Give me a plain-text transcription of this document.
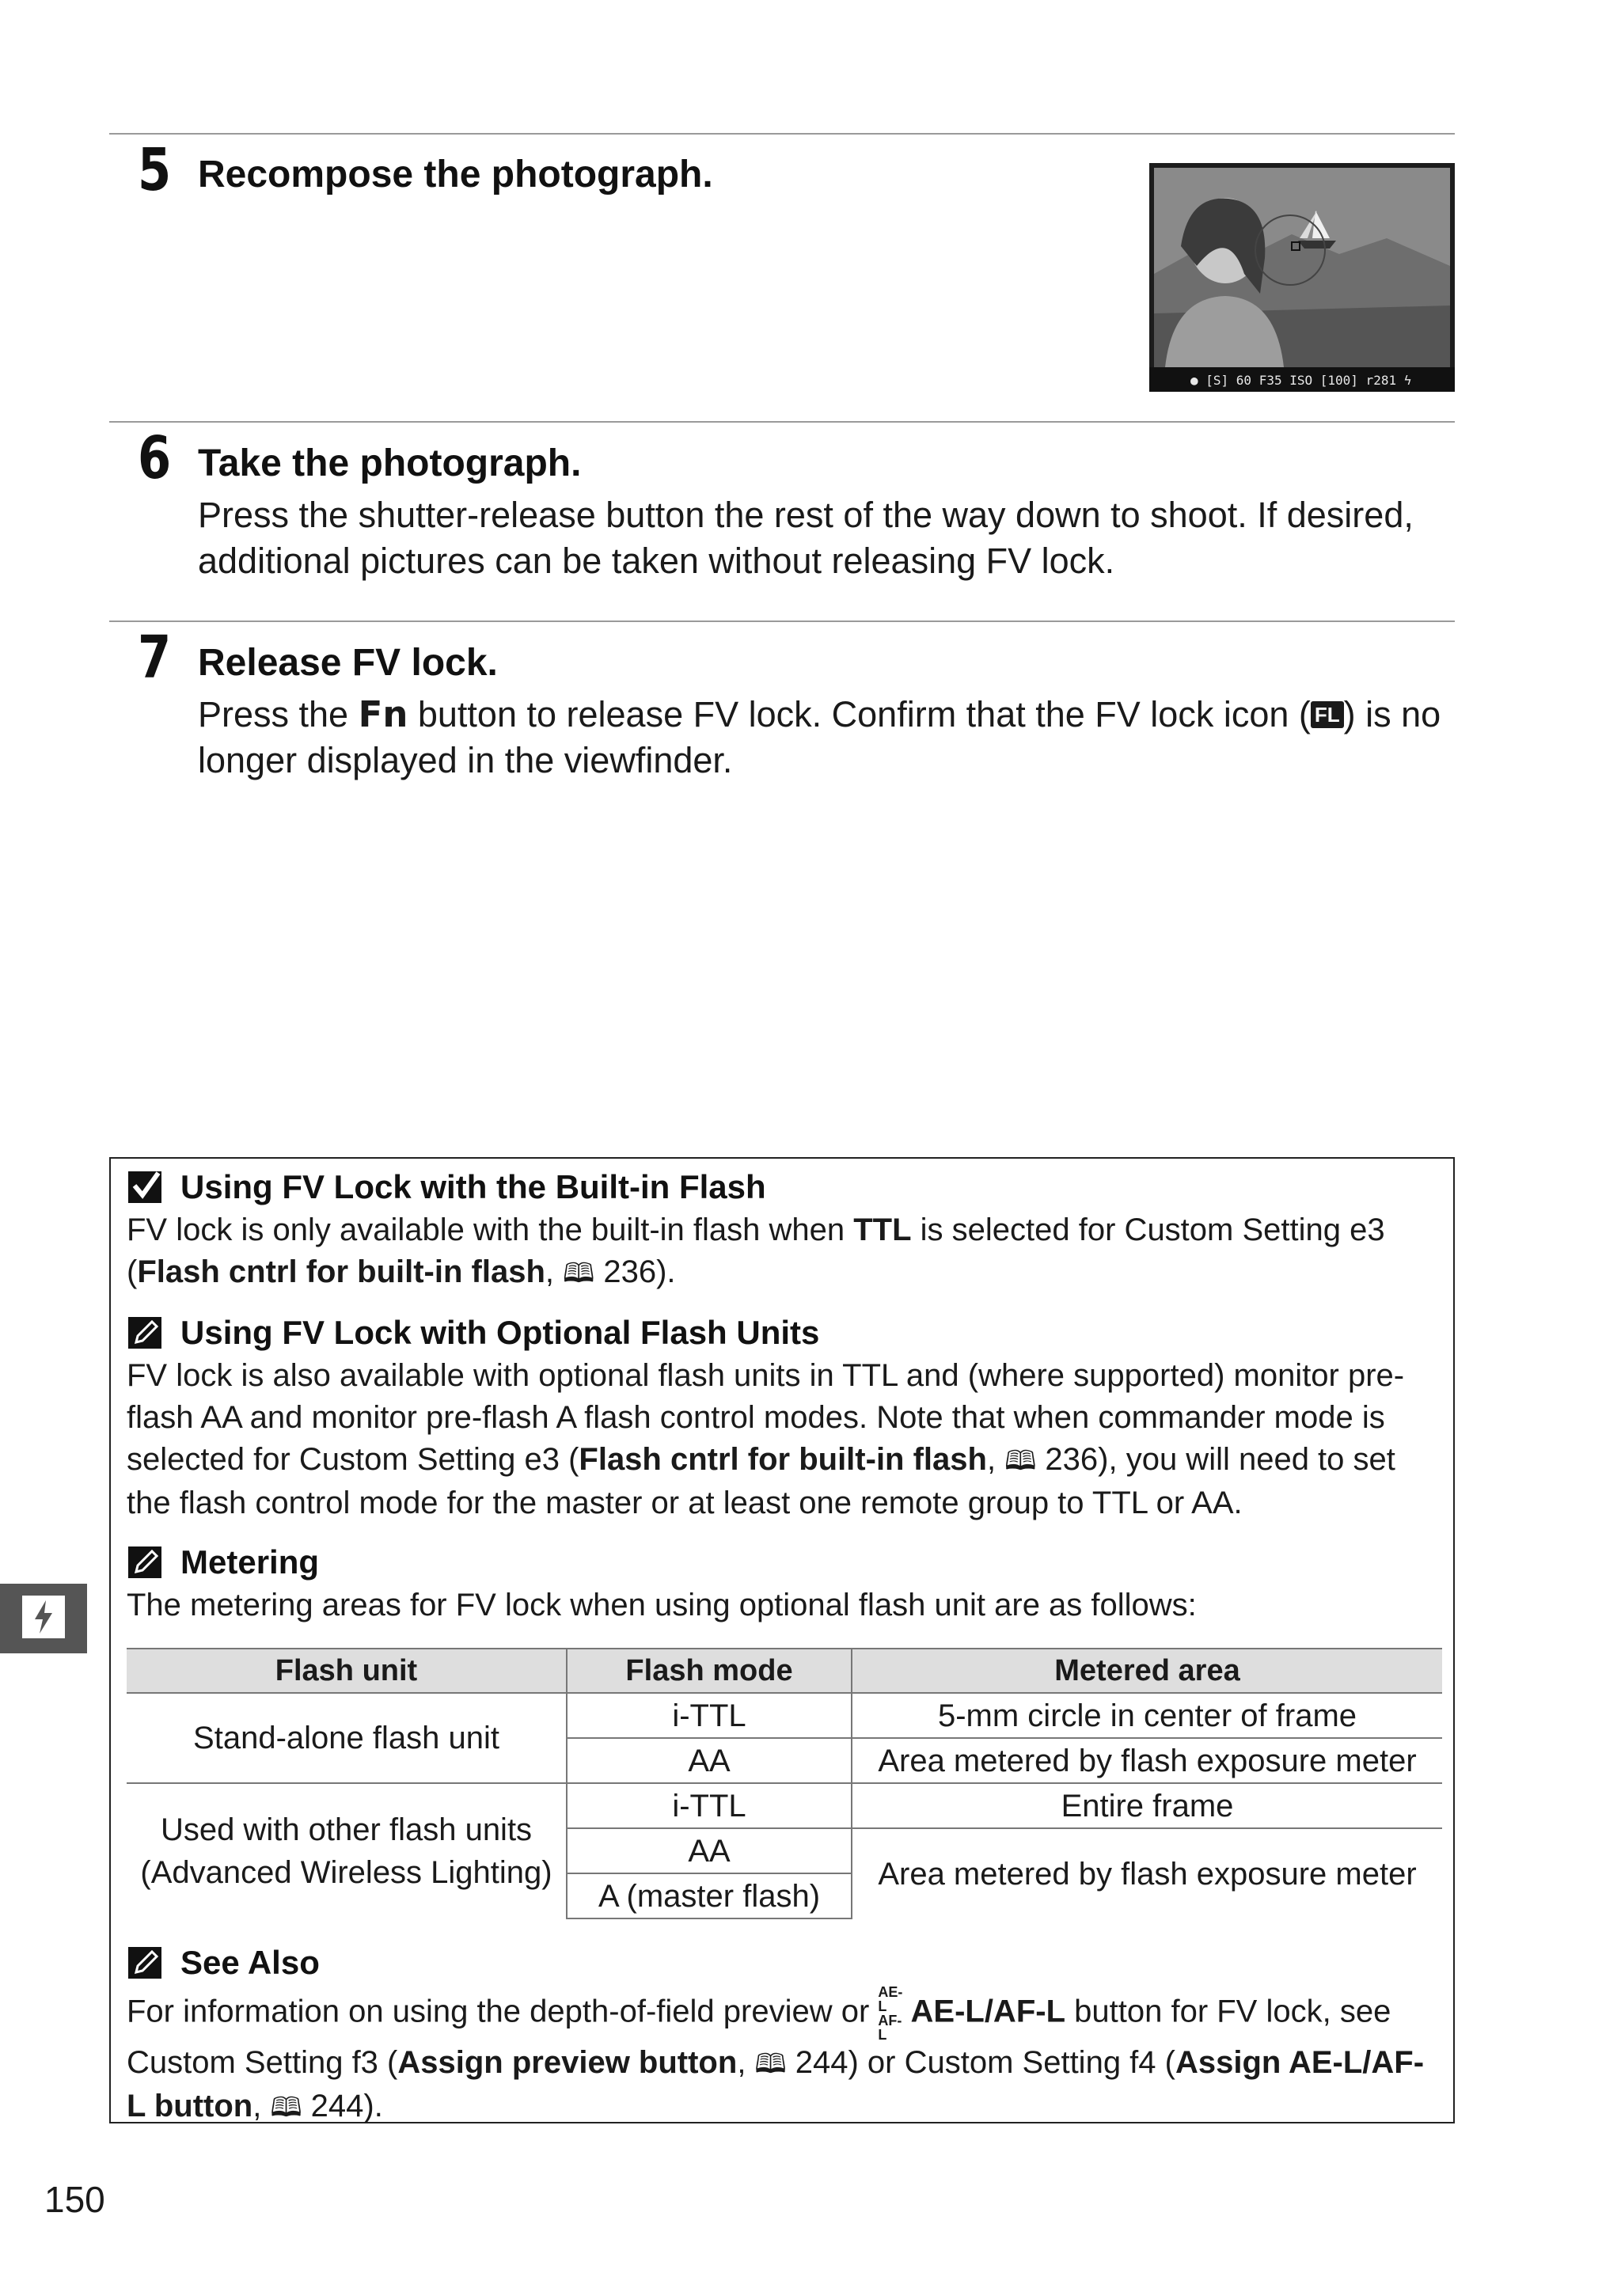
5 Recompose the photograph.
● [S] 60 F35 ISO [100] r281 ϟ
6 Take the photograph.
Press the shutter-release button the rest of the way down to shoot. If desired, additional pictures can be taken without releasing FV lock.
7 Release FV lock.
Press the Fn button to release FV lock. Confirm that the FV lock icon ( FL ) is no longer displayed in the viewfinder.
Using FV Lock with the Built-in Flash
FV lock is only available with the built-in flash when TTL is selected for Custom Setting e3 (Flash cntrl for built-in flash, 🕮 236).
Using FV Lock with Optional Flash Units
FV lock is also available with optional flash units in TTL and (where supported) monitor pre-flash AA and monitor pre-flash A flash control modes. Note that when commander mode is selected for Custom Setting e3 (Flash cntrl for built-in flash, 🕮 236), you will need to set the flash control mode for the master or at least one remote group to TTL or AA.
Metering
The metering areas for FV lock when using optional flash unit are as follows:
Flash unit	Flash mode	Metered area
Stand-alone flash unit	i-TTL	5-mm circle in center of frame
	AA	Area metered by flash exposure meter

Used with other flash units
(Advanced Wireless Lighting)	i-TTL	Entire frame
	AA	Area metered by flash exposure meter
	A (master flash)	
See Also
For information on using the depth-of-field preview or AE-L AF-L AE-L/AF-L button for FV lock, see Custom Setting f3 (Assign preview button, 🕮 244) or Custom Setting f4 (Assign AE-L/AF-L button, 🕮 244).
150
